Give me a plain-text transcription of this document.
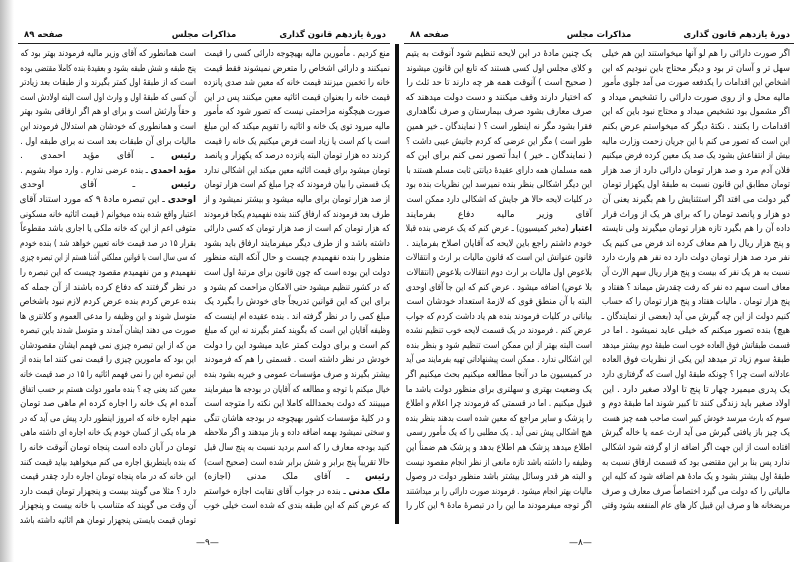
دورهٔ یازدهم قانون گذاری
مذاکرات مجلس
صفحه ۸۹
منع کردیم . مأمورین مالیه بهیچوجه دارائی کسی را قیمت
نمیکنند و دارائی اشخاص را متعرض نمیشوند فقط قیمت
خانه را تخمین میزنند قیمت خانه که معین شد صدی پانزده
قیمت خانه را بعنوان قیمت اثاثیه معین میکنند پس در این
صورت هیچگونه مزاحمتی نیست که تصور شود که مأمور
مالیه میرود توی یک خانه و اثاثیه را تقویم میکند که این مبلغ
است یا کم است یا زیاد است فرض میکنیم یک خانه را قیمت
کردند ده هزار تومان البته پانزده درصد که یکهزار و پانصد
تومان میشود برای قیمت اثاثیه معین میکند این اشکالی ندارد
یک قسمتی را بیان فرمودند که چرا مبلغ کم است هزار تومان
از صد هزار تومان برای مالیه میشود و بیشتر نمیشود و از
طرف بعد فرمودند که ارفاق کنند بنده نفهمیدم یکجا فرمودند
که هزار تومان کم است از صد هزار تومان که کسی دارائی
داشته باشد و از طرف دیگر میفرمایند ارفاق باید بشود
منظور را بنده نفهمیدم چیست و حال آنکه البته منظور
دولت این بوده است که چون قانون برای مرتبهٔ اول است
که در کشور تنظیم میشود حتی الامکان مزاحمت کم بشود و
برای این که این قوانین تدریجاً جای خودش را بگیرد یک
مبلغ کمی را در نظر گرفته اند . بنده عقیده ام اینست که
وظیفه آقایان این است که بگویند کمتر بگیرند نه این که مبلغ
کم است و برای دولت کمتر عاید میشود این را دولت
خودش در نظر داشته است . قسمتی را هم که فرمودند
بیشتر بگیرند و صرف مؤسسات عمومی و خیریه بشود بنده
خیال میکنم با توجه و مطالعه که آقایان در بودجه ها میفرمایند
میبینند که دولت بحمدالله کاملا این نکته را متوجه است
و در کلیهٔ مؤسسات کشور بهیچوجه در بودجه هاشان تنگی
و سختی نمیشود بهمه اضافه داده و باز میدهند و اگر ملاحظه
کنید بودجه معارف را که اسم بردید نسبت به پنج سال قبل
حالا تقریباً پنج برابر و شش برابر شده است (صحیح است)
رئیس ـ آقای ملک مدنی (اجازه)
ملک مدنی ـ بنده در جواب آقای نقابت اجازه خواستم
که عرض کنم که این طبقه بندی که شده است خیلی خوب
است همانطور که آقای وزیر مالیه فرمودند بهتر بود که
پنج طبقه و شش طبقه بشود و بعقیدهٔ بنده کاملا مقتضی بوده
است که از طبقهٔ اول کمتر بگیرند و از طبقات بعد زیادتر
آن کسی که طبقهٔ اول و وارث اول است البته اولادش است
و حقاً وارثش است و برای او هم اگر ارفاقی بشود بهتر
است و همانطوری که خودشان هم استدلال فرمودند این
مالیات برای آن طبقات بعد است نه برای طبقه اول .
رئیس ـ آقای مؤید احمدی .
مؤید احمدی ـ بنده عرضی ندارم . وارد مواد بشویم .
رئیس ـ آقای اوحدی
اوحدی ـ این تبصره مادهٔ ۹ که مورد استناد آقای
اعتبار واقع شده بنده میخوانم ( قیمت اثاثیه خانه مسکونی
متوفی اعم از این که خانه ملکی یا اجاری باشد مقطوعاً
بقرار ۱۵ در صد قیمت خانه تعیین خواهد شد ) بنده خودم
که سی سال است با قوانین مملکتی آشنا هستم از این تبصره چیزی
نفهمیدم و من نفهمیدم مقصود چیست که این تبصره را
در نظر گرفتند که دفاع کرده باشند از آن جمله که
بنده عرض کردم بنده عرض کردم لازم نبود باشخاص
متوسل شوند و این وظیفه را مدعی العموم و کلانتری ها
صورت می دهند ایشان آمدند و متوسل شدند باین تبصره
من که از این تبصره چیزی نمی فهمم ایشان مقصودشان
این بود که مامورین چیزی را قیمت نمی کنند اما بنده از
این تبصره این را نمی فهمم اثاثیه را ۱۵ در صد قیمت خانه
معین کند یعنی چه ؟ بنده مامور دولت هستم بر حسب اتفاق
آمده ام یک خانه را اجاره کرده ام ماهی صد تومان
منهم اجاره خانه که امروز اینطور دارد پیش می آید که در
هر ماه یکی از کسان خودم یک خانه اجاره ای داشته ماهی
تومان در آبان داده است پنجاه تومان آنوقت خانه را
که بنده باینطریق اجاره می کنم میخواهید بیاید قیمت کنند
این خانه که در ماه پنجاه تومان اجاره دارد چقدر قیمت
دارد ؟ مثلا می گویند بیست و پنجهزار تومان قیمت دارد
آن وقت می گویند که متناسب با خانه بیست و پنجهزار
تومان قیمت بایستی پنجهزار تومان هم اثاثیه داشته باشد
—۹—
دورهٔ یازدهم قانون گذاری
مذاکرات مجلس
صفحه ۸۸
اگر صورت دارائی را هم لو آنها میخواستند این هم خیلی
سهل تر و آسان تر بود و دیگر محتاج باین نبودیم که این
اشخاص این اقدامات را یکدفعه صورت می آمد جلوی مأمور
مالیه محل و از روی صورت دارائی را تشخیص میداد و
اگر مشمول بود تشخیص میداد و محتاج نبود باین که این
اقدامات را بکنند . نکتهٔ دیگر که میخواستم عرض بکنم
این است که تصور می کنم با این جریان زحمت وزارت مالیه
بیش از انتفاعش بشود یک صد یک معین کرده فرض میکنیم
فلان آدم مرد و صد هزار تومان دارائی دارد از صد هزار
تومان مطابق این قانون نسبت به طبقهٔ اول یکهزار تومان
گیر دولت می افتد اگر استثنایش را هم بگیرند یعنی آن
دو هزار و پانصد تومان را که برای هر یک از وراث قرار
داده آن را هم بگیرد تازه هزار تومان میگیرند ولی نایسته
و پنج هزار ریال را هم معاف کرده اند فرض می کنیم یک
نفر مرد صد هزار تومان دولت دارد ده نفر هم وارث دارد
نسبت به هر یک نفر که بیست و پنج هزار ریال سهم الارث آن
معاف است سهم ده نفر که رفت چقدرش میماند ؟ هفتاد و
پنج هزار تومان . مالیات هفتاد و پنج هزار تومان را که حساب
کنیم دولت از این چه گیرش می آید (بعضی از نمایندگان ـ
هیچ) بنده تصور میکنم که خیلی عاید نمیشود . اما در
قسمت طبقاتش فوق العاده خوب است طبقهٔ دوم بیشتر میدهد
طبقهٔ سوم زیاد تر میدهد این یکی از نظریات فوق العاده
عادلانه است چرا ؟ چونکه طبقهٔ اول است که گرفتاری دارد
یک پدری میمیرد چهار تا پنج تا اولاد صغیر دارد . این
اولاد صغیر باید زندگی کنند تا کبیر شوند اما طبقهٔ دوم و
سوم که بارث میرسد خودش کبیر است صاحب همه چیز هست
یک چیز باز یافتی گیرش می آید ارث عمه یا خاله گیرش
افتاده است از این جهت اگر اضافه از او گرفته شود اشکالی
ندارد پس بنا بر این مقتضی بود که قسمت ارفاق نسبت به
طبقهٔ اول بیشتر بشود و یک مادهٔ هم اضافه شود که کلیه این
مالیاتی را که دولت می گیرد اختصاصاً صرف معارف و صرف
مریضخانه ها و صرف این قبیل کار های عام المنفعه بشود وقتی
یک چنین مادهٔ در این لایحه تنظیم شود آنوقت به یتیم
و کلای مجلس اول کسی هستند که تابع این قانون میشوند
( صحیح است ) آنوقت همه هر چه دارند تا حد ثلث را
که اختیار دارند وقف میکنند و دست دولت میدهند که
صرف معارف بشود صرف بیمارستان و صرف نگاهداری
فقرا بشود مگر نه اینطور است ؟ ( نمایندگان ـ خیر همین
طور است ) مگر این عرضی که کردم جانیش عیبی داشت ؟
( نمایندگان ـ خیر ) ابداً تصور نمی کنم برای این که
همه مسلمان همه دارای عقیدهٔ دیانتی ثابت مسلم هستند با
این دیگر اشکالی بنظر بنده نمیرسد این نظریات بنده بود
در کلیات لایحه حالا هر جایش که اشکالی دارد ممکن است
آقای وزیر مالیه دفاع بفرمایند
اعتبار (مخبر کمیسیون) ـ عرض کنم که یک عرضی بنده قبلا
خودم داشتم راجع باین لایحه که آقایان اصلاح بفرمایند .
قانون عنوانش این است که قانون مالیات بر ارث و انتقالات
بلاعوض اول مالیات بر ارث دوم انتقالات بلاعوض (انتقالات
بلا عوض) اضافه میشود . عرض کنم که این جا آقای اوحدی
البته با آن منطق قوی که لازمهٔ استعداد خودشان است
بیاناتی در کلیات فرمودند بنده هم یاد داشت کردم که جواب
عرض کنم . فرمودند در یک قسمت لایحه خوب تنظیم نشده
است البته بهتر از این ممکن است تنظیم شود و بنظر بنده
این اشکالی ندارد . ممکن است پیشنهاداتی تهیه بفرمایند می آید
در کمیسیون ما در آنجا مطالعه میکنیم بحث میکنیم اگر
یک وضعیت بهتری و سهلتری برای منظور دولت باشد ما
قبول میکنیم . اما در قسمتی که فرمودند چرا اعلام و اطلاع
را پزشک و سایر مراجع که معین شده است بدهند بنظر بنده
هیچ اشکالی پیش نمی آید . یک مطلبی را که یک مأمور رسمی
اطلاع میدهد پزشک هم اطلاع بدهد و پزشک هم ضمناً این
وظیفه را داشته باشد تازه مانعی از نظر انجام مقصود نیست
و البته هر قدر وسائل بیشتر باشد منظور دولت در وصول
مالیات بهتر انجام میشود . فرمودند صورت دارائی را بر میداشتند
اگر توجه میفرمودند ما این را در تبصرهٔ مادهٔ ۹ این کار را
—۸—
